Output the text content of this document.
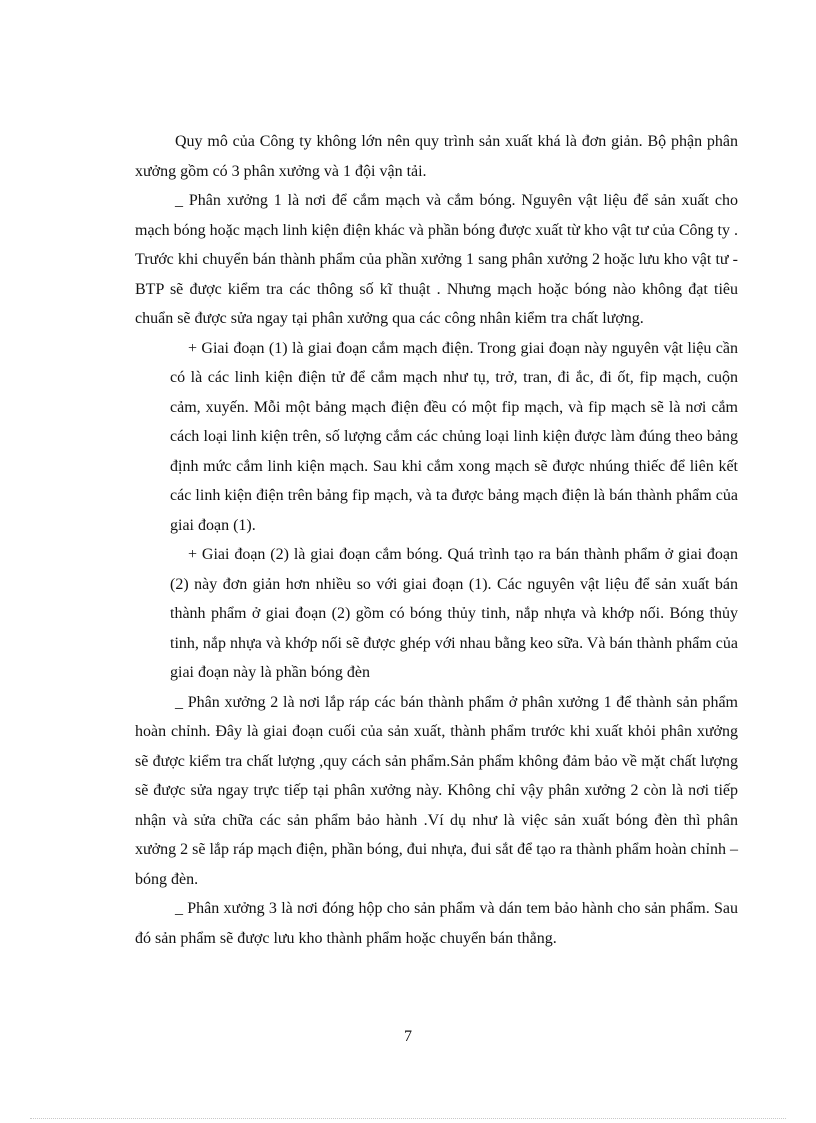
Quy mô của Công ty không lớn nên quy trình sản xuất khá là đơn giản. Bộ phận phân xưởng gồm có 3 phân xưởng và 1 đội vận tải.

_ Phân xưởng 1 là nơi để cắm mạch và cắm bóng. Nguyên vật liệu để sản xuất cho mạch bóng hoặc mạch linh kiện điện khác và phần bóng được xuất từ kho vật tư của Công ty . Trước khi chuyển bán thành phẩm của phần xưởng 1 sang phân xưởng 2 hoặc lưu kho vật tư - BTP sẽ được kiểm tra các thông số kĩ thuật . Nhưng mạch hoặc bóng nào không đạt tiêu chuẩn sẽ được sửa ngay tại phân xưởng qua các công nhân kiểm tra chất lượng.

+ Giai đoạn (1) là giai đoạn cắm mạch điện. Trong giai đoạn này nguyên vật liệu cần có là các linh kiện điện tử để cắm mạch như tụ, trở, tran, đi ắc, đi ốt, fip mạch, cuộn cảm, xuyến. Mỗi một bảng mạch điện đều có một fip mạch, và fip mạch sẽ là nơi cắm cách loại linh kiện trên, số lượng cắm các chủng loại linh kiện được làm đúng theo bảng định mức cắm linh kiện mạch. Sau khi cắm xong mạch sẽ được nhúng thiếc để liên kết các linh kiện điện trên bảng fip mạch, và ta được bảng mạch điện là bán thành phẩm của giai đoạn (1).

+ Giai đoạn (2) là giai đoạn cắm bóng. Quá trình tạo ra bán thành phẩm ở giai đoạn (2) này đơn giản hơn nhiều so với giai đoạn (1). Các nguyên vật liệu để sản xuất bán thành phẩm ở giai đoạn (2) gồm có bóng thủy tinh, nắp nhựa và khớp nối. Bóng thủy tinh, nắp nhựa và khớp nối sẽ được ghép với nhau bằng keo sữa. Và bán thành phẩm của giai đoạn này là phần bóng đèn

_ Phân xưởng 2 là nơi lắp ráp các bán thành phẩm ở phân xưởng 1 để thành sản phẩm hoàn chỉnh. Đây là giai đoạn cuối của sản xuất, thành phẩm trước khi xuất khỏi phân xưởng sẽ được kiểm tra chất lượng ,quy cách sản phẩm.Sản phẩm không đảm bảo về mặt chất lượng sẽ được sửa ngay trực tiếp tại phân xưởng này. Không chỉ vậy phân xưởng 2 còn là nơi tiếp nhận và sửa chữa các sản phẩm bảo hành .Ví dụ như là việc sản xuất bóng đèn thì phân xưởng 2 sẽ lắp ráp mạch điện, phần bóng, đui nhựa, đui sắt để tạo ra thành phẩm hoàn chỉnh – bóng đèn.

_ Phân xưởng 3 là nơi đóng hộp cho sản phẩm và dán tem bảo hành cho sản phẩm. Sau đó sản phẩm sẽ được lưu kho thành phẩm hoặc chuyển bán thẳng.

7
